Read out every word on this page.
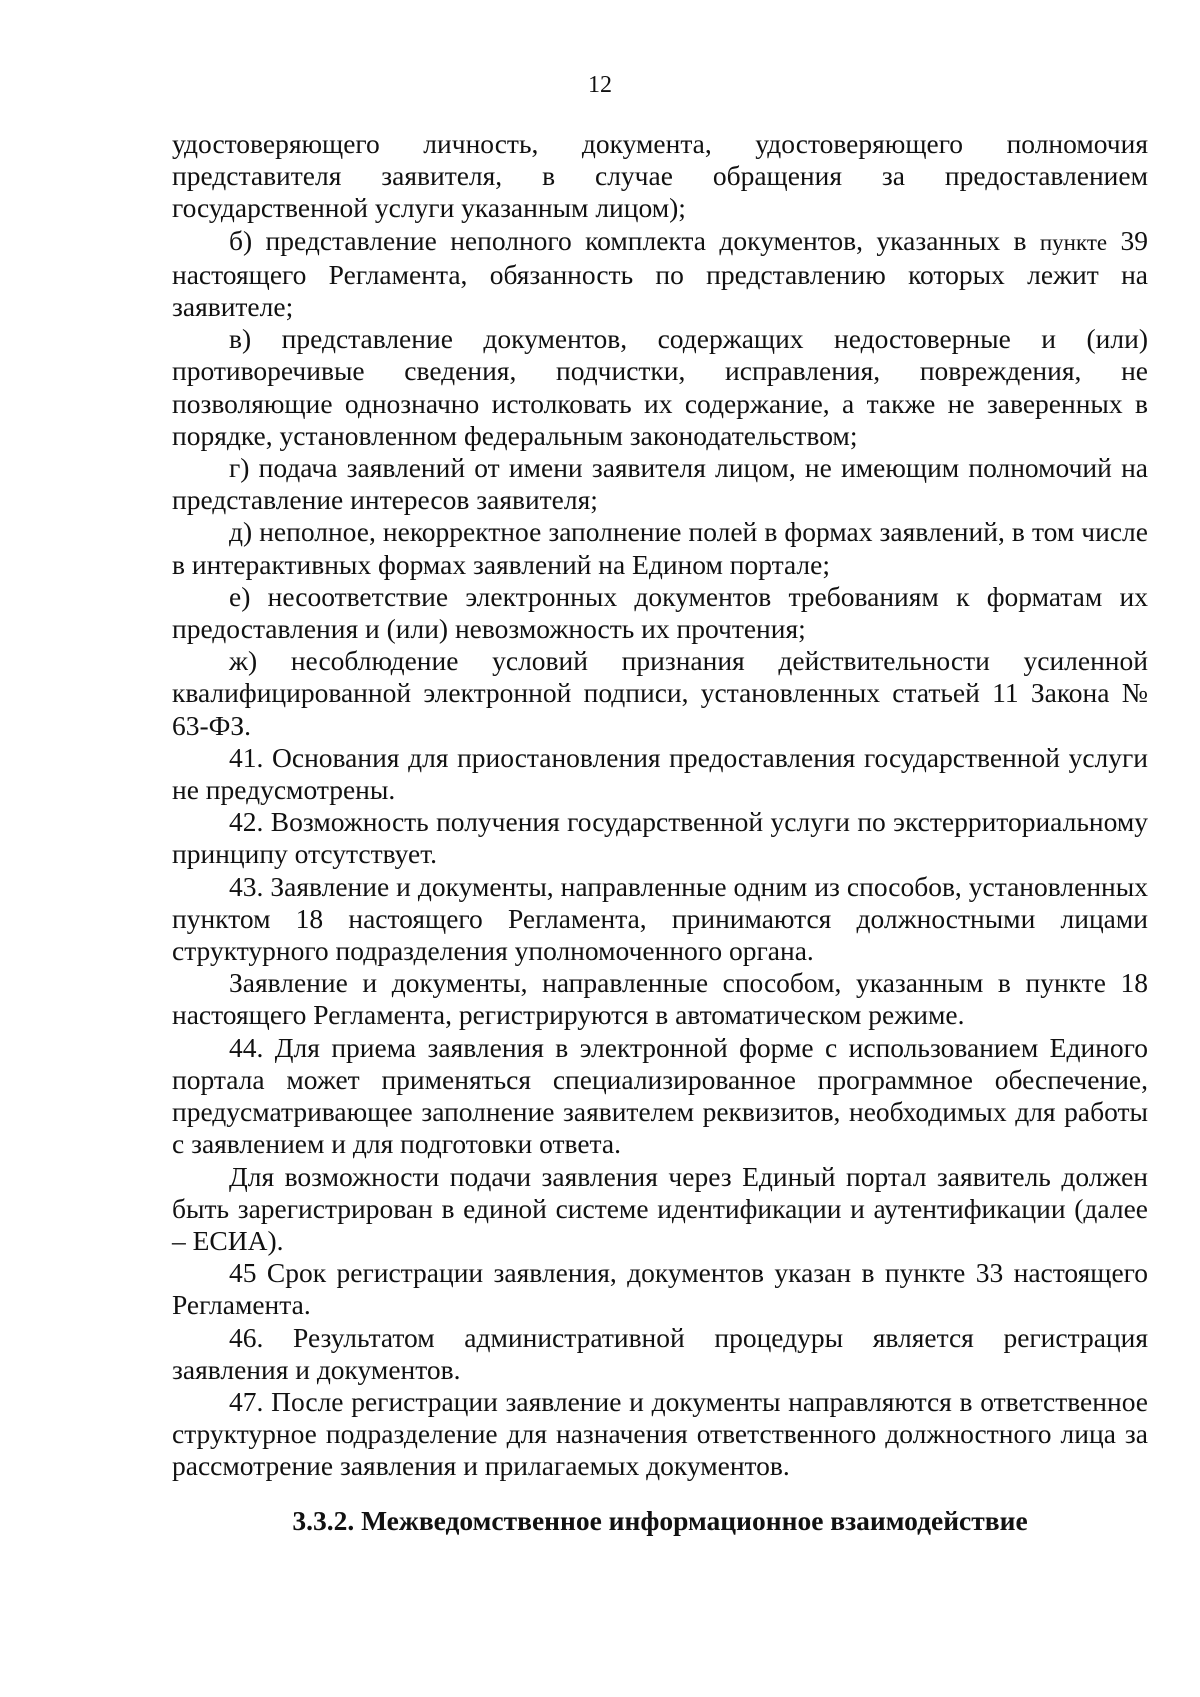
12

удостоверяющего личность, документа, удостоверяющего полномочия представителя заявителя, в случае обращения за предоставлением государственной услуги указанным лицом);

б) представление неполного комплекта документов, указанных в пункте 39 настоящего Регламента, обязанность по представлению которых лежит на заявителе;

в) представление документов, содержащих недостоверные и (или) противоречивые сведения, подчистки, исправления, повреждения, не позволяющие однозначно истолковать их содержание, а также не заверенных в порядке, установленном федеральным законодательством;

г) подача заявлений от имени заявителя лицом, не имеющим полномочий на представление интересов заявителя;

д) неполное, некорректное заполнение полей в формах заявлений, в том числе в интерактивных формах заявлений на Едином портале;

е) несоответствие электронных документов требованиям к форматам их предоставления и (или) невозможность их прочтения;

ж) несоблюдение условий признания действительности усиленной квалифицированной электронной подписи, установленных статьей 11 Закона № 63-ФЗ.

41. Основания для приостановления предоставления государственной услуги не предусмотрены.

42. Возможность получения государственной услуги по экстерриториальному принципу отсутствует.

43. Заявление и документы, направленные одним из способов, установленных пунктом 18 настоящего Регламента, принимаются должностными лицами структурного подразделения уполномоченного органа.

Заявление и документы, направленные способом, указанным в пункте 18 настоящего Регламента, регистрируются в автоматическом режиме.

44. Для приема заявления в электронной форме с использованием Единого портала может применяться специализированное программное обеспечение, предусматривающее заполнение заявителем реквизитов, необходимых для работы с заявлением и для подготовки ответа.

Для возможности подачи заявления через Единый портал заявитель должен быть зарегистрирован в единой системе идентификации и аутентификации (далее – ЕСИА).

45 Срок регистрации заявления, документов указан в пункте 33 настоящего Регламента.

46. Результатом административной процедуры является регистрация заявления и документов.

47. После регистрации заявление и документы направляются в ответственное структурное подразделение для назначения ответственного должностного лица за рассмотрение заявления и прилагаемых документов.

3.3.2. Межведомственное информационное взаимодействие
